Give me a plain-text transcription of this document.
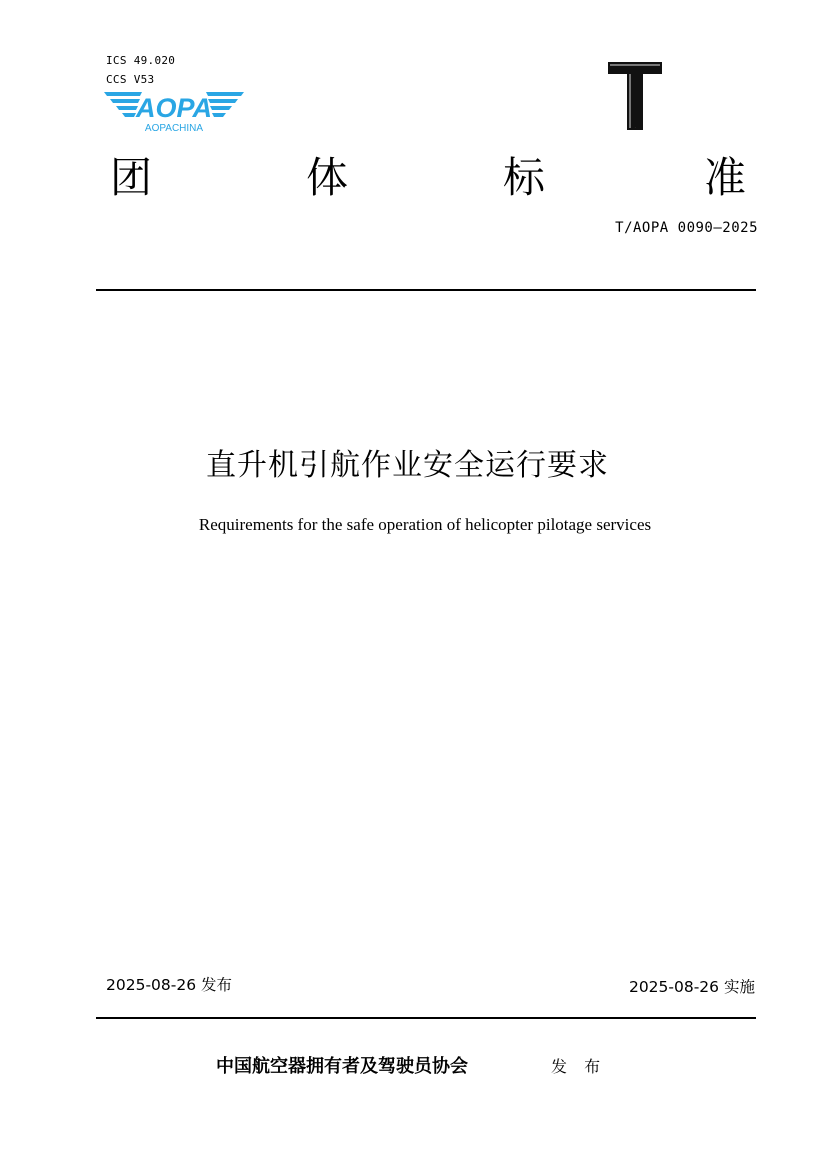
ICS 49.020
CCS V53
AOPA
AOPACHINA	T
团	体	标	准
T/AOPA 0090—2025
直升机引航作业安全运行要求
Requirements for the safe operation of helicopter pilotage services
2025-08-26 发布	2025-08-26 实施
中国航空器拥有者及驾驶员协会	发 布
